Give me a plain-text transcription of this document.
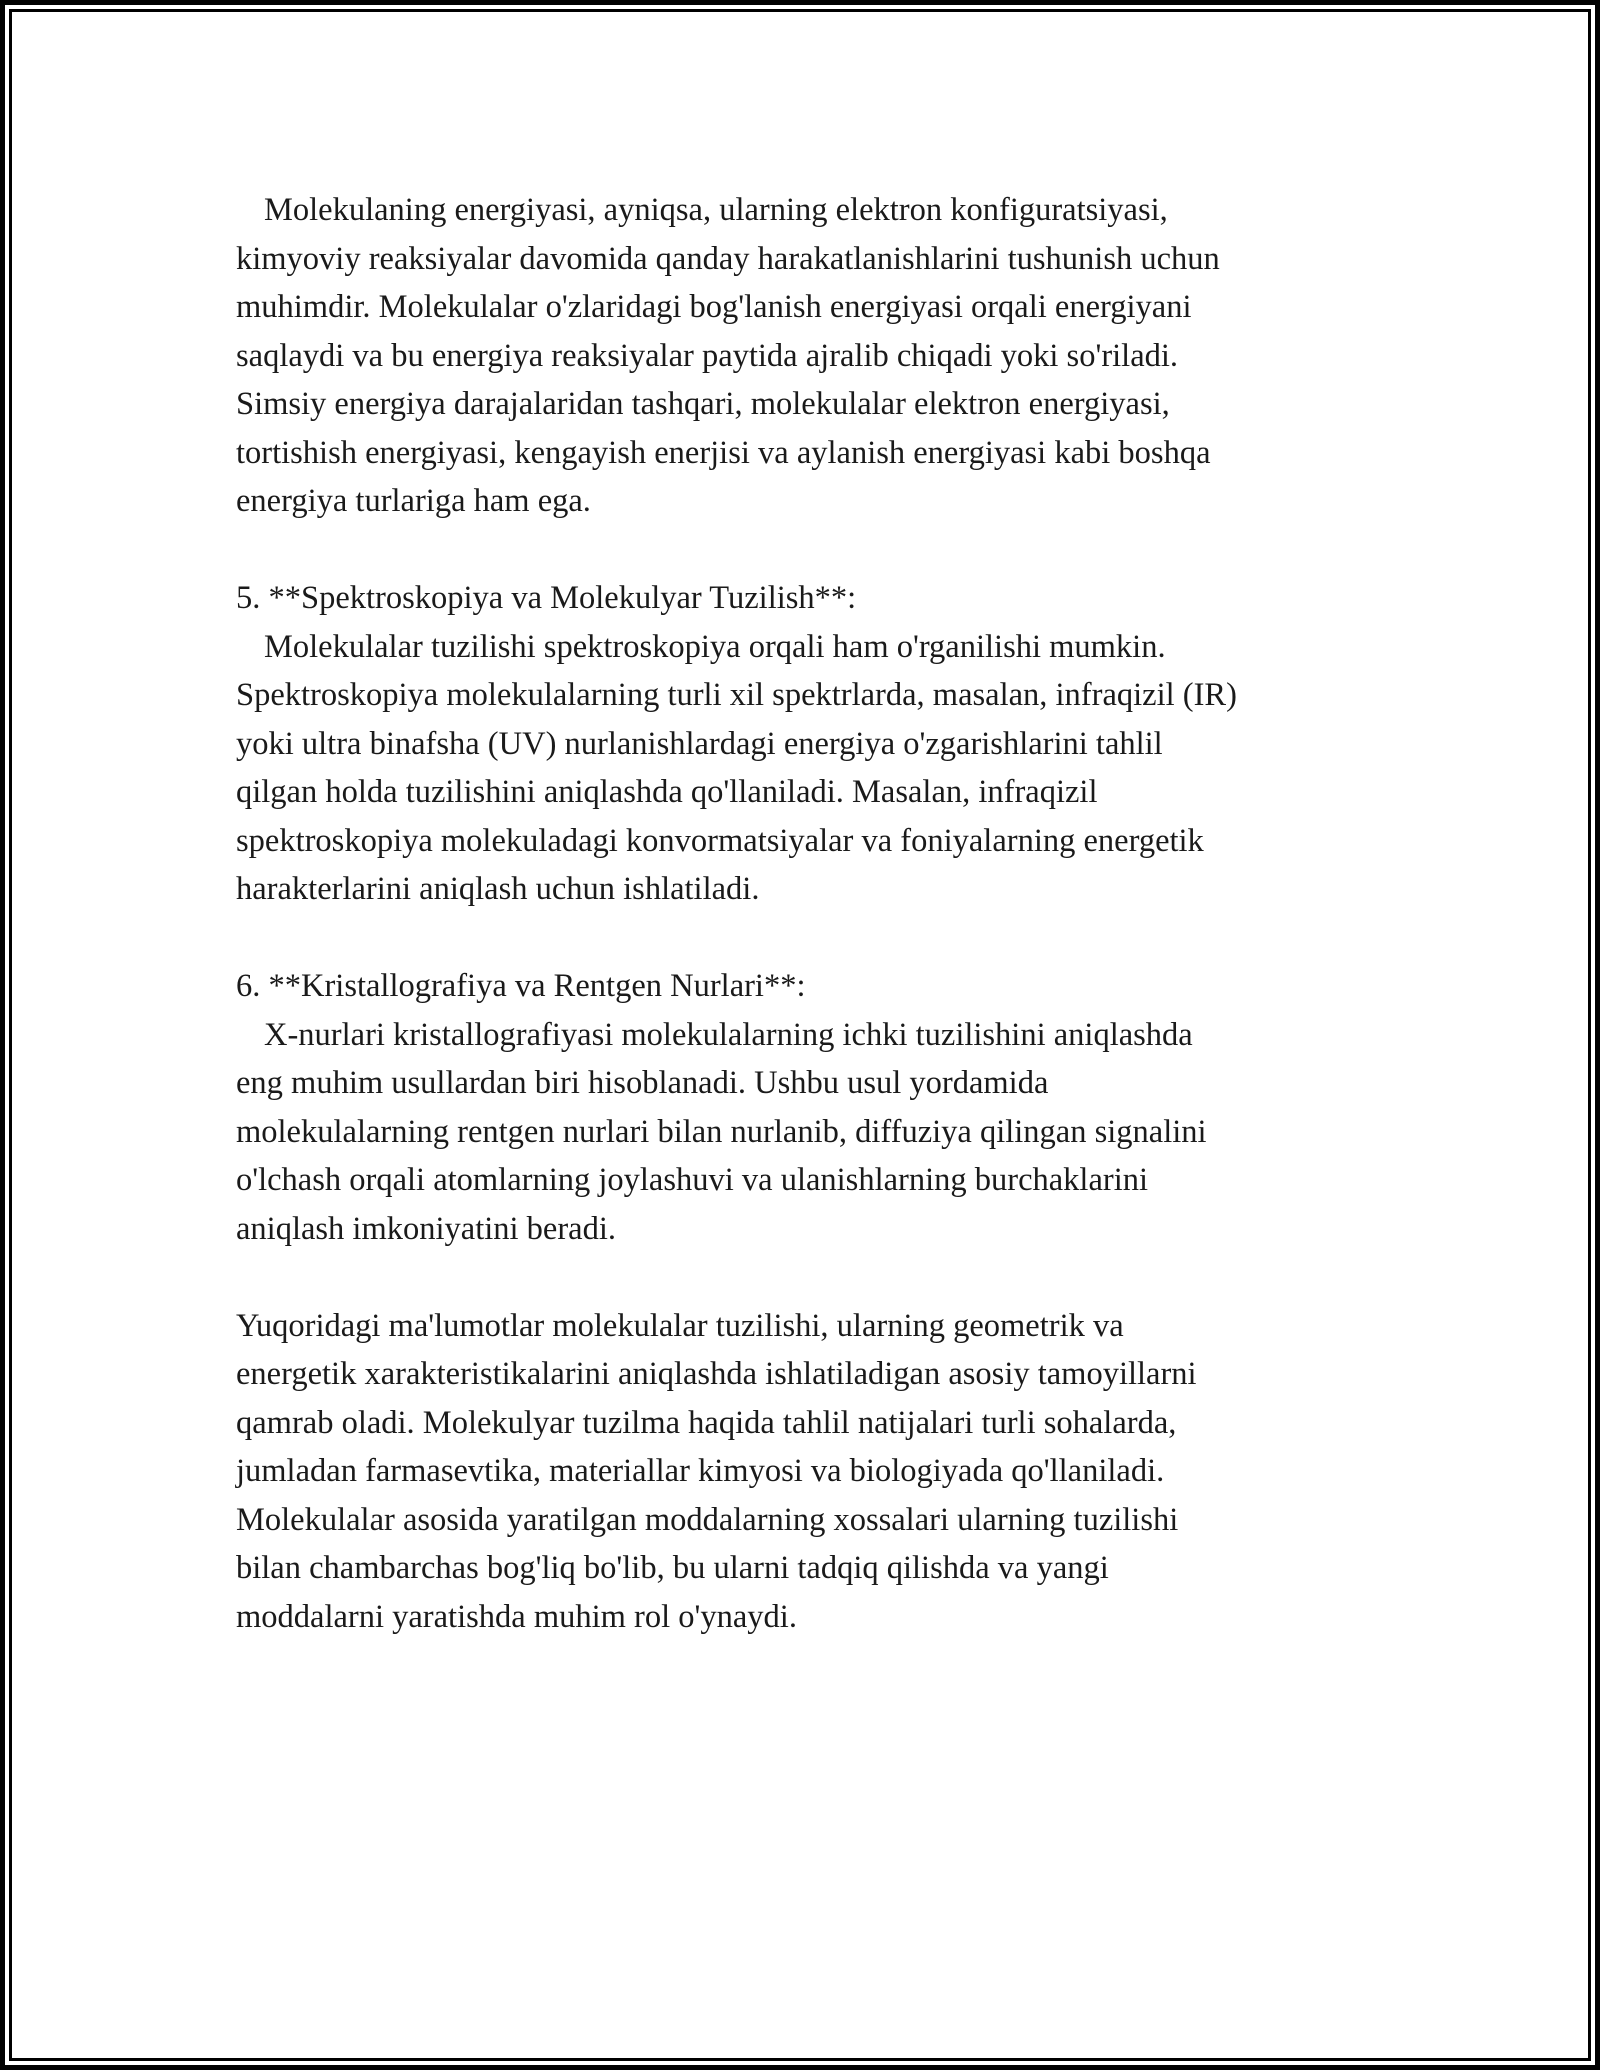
Molekulaning energiyasi, ayniqsa, ularning elektron konfiguratsiyasi,
kimyoviy reaksiyalar davomida qanday harakatlanishlarini tushunish uchun
muhimdir. Molekulalar o'zlaridagi bog'lanish energiyasi orqali energiyani
saqlaydi va bu energiya reaksiyalar paytida ajralib chiqadi yoki so'riladi.
Simsiy energiya darajalaridan tashqari, molekulalar elektron energiyasi,
tortishish energiyasi, kengayish enerjisi va aylanish energiyasi kabi boshqa
energiya turlariga ham ega.
5. **Spektroskopiya va Molekulyar Tuzilish**:
Molekulalar tuzilishi spektroskopiya orqali ham o'rganilishi mumkin.
Spektroskopiya molekulalarning turli xil spektrlarda, masalan, infraqizil (IR)
yoki ultra binafsha (UV) nurlanishlardagi energiya o'zgarishlarini tahlil
qilgan holda tuzilishini aniqlashda qo'llaniladi. Masalan, infraqizil
spektroskopiya molekuladagi konvormatsiyalar va foniyalarning energetik
harakterlarini aniqlash uchun ishlatiladi.
6. **Kristallografiya va Rentgen Nurlari**:
X-nurlari kristallografiyasi molekulalarning ichki tuzilishini aniqlashda
eng muhim usullardan biri hisoblanadi. Ushbu usul yordamida
molekulalarning rentgen nurlari bilan nurlanib, diffuziya qilingan signalini
o'lchash orqali atomlarning joylashuvi va ulanishlarning burchaklarini
aniqlash imkoniyatini beradi.
Yuqoridagi ma'lumotlar molekulalar tuzilishi, ularning geometrik va
energetik xarakteristikalarini aniqlashda ishlatiladigan asosiy tamoyillarni
qamrab oladi. Molekulyar tuzilma haqida tahlil natijalari turli sohalarda,
jumladan farmasevtika, materiallar kimyosi va biologiyada qo'llaniladi.
Molekulalar asosida yaratilgan moddalarning xossalari ularning tuzilishi
bilan chambarchas bog'liq bo'lib, bu ularni tadqiq qilishda va yangi
moddalarni yaratishda muhim rol o'ynaydi.
